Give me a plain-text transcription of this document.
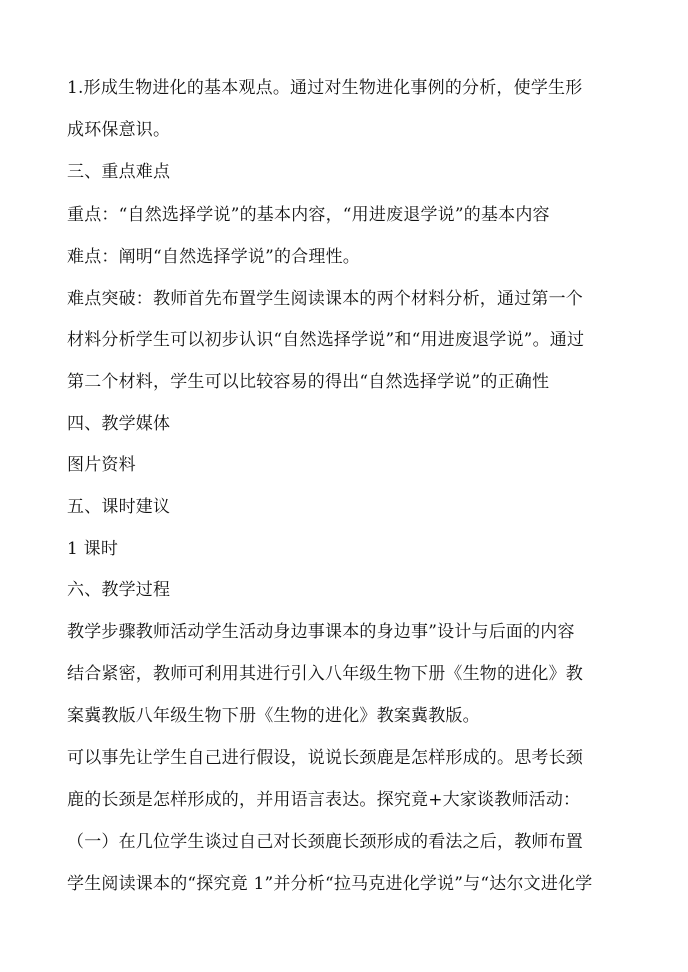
1.形成生物进化的基本观点。通过对生物进化事例的分析，使学生形
成环保意识。
三、重点难点
重点：“自然选择学说”的基本内容，“用进废退学说”的基本内容
难点：阐明“自然选择学说”的合理性。
难点突破：教师首先布置学生阅读课本的两个材料分析，通过第一个
材料分析学生可以初步认识“自然选择学说”和“用进废退学说”。通过
第二个材料，学生可以比较容易的得出“自然选择学说”的正确性
四、教学媒体
图片资料
五、课时建议
1 课时
六、教学过程
教学步骤教师活动学生活动身边事课本的身边事”设计与后面的内容
结合紧密，教师可利用其进行引入八年级生物下册《生物的进化》教
案冀教版八年级生物下册《生物的进化》教案冀教版。
可以事先让学生自己进行假设，说说长颈鹿是怎样形成的。思考长颈
鹿的长颈是怎样形成的，并用语言表达。探究竟+大家谈教师活动：
（一）在几位学生谈过自己对长颈鹿长颈形成的看法之后，教师布置
学生阅读课本的“探究竟 1”并分析“拉马克进化学说”与“达尔文进化学
